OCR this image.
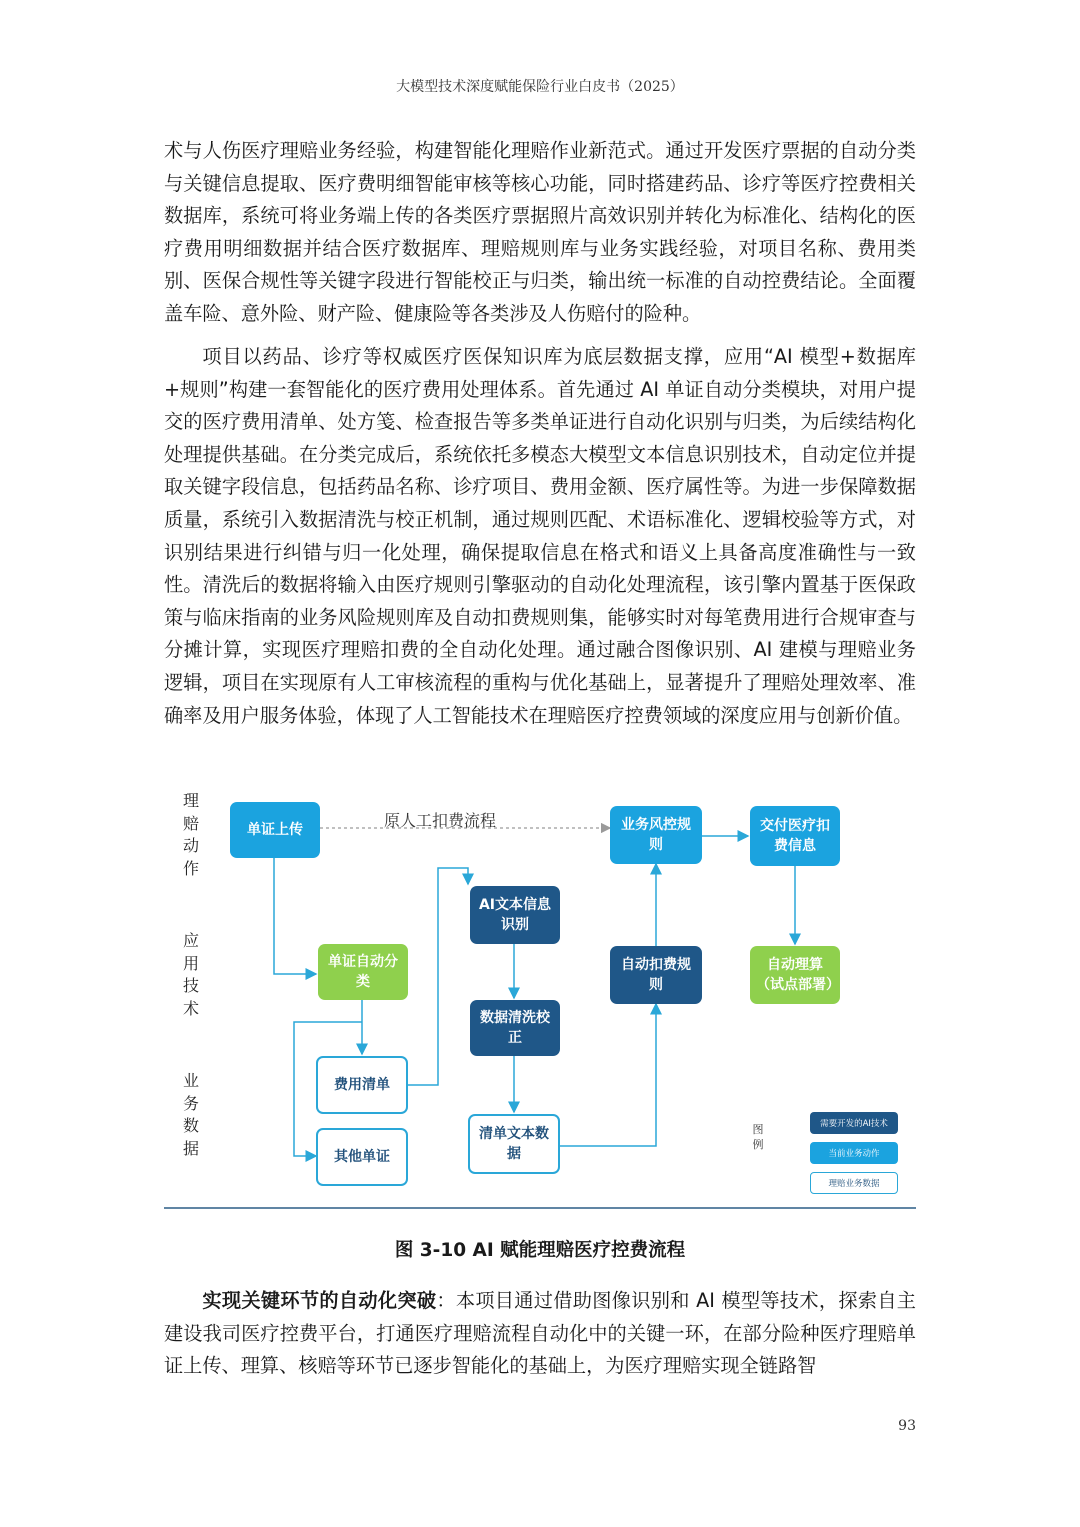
大模型技术深度赋能保险行业白皮书（2025）

术与人伤医疗理赔业务经验，构建智能化理赔作业新范式。通过开发医疗票据的自动分类与关键信息提取、医疗费明细智能审核等核心功能，同时搭建药品、诊疗等医疗控费相关数据库，系统可将业务端上传的各类医疗票据照片高效识别并转化为标准化、结构化的医疗费用明细数据并结合医疗数据库、理赔规则库与业务实践经验，对项目名称、费用类别、医保合规性等关键字段进行智能校正与归类，输出统一标准的自动控费结论。全面覆盖车险、意外险、财产险、健康险等各类涉及人伤赔付的险种。

项目以药品、诊疗等权威医疗医保知识库为底层数据支撑，应用“AI 模型+数据库+规则”构建一套智能化的医疗费用处理体系。首先通过 AI 单证自动分类模块，对用户提交的医疗费用清单、处方笺、检查报告等多类单证进行自动化识别与归类，为后续结构化处理提供基础。在分类完成后，系统依托多模态大模型文本信息识别技术，自动定位并提取关键字段信息，包括药品名称、诊疗项目、费用金额、医疗属性等。为进一步保障数据质量，系统引入数据清洗与校正机制，通过规则匹配、术语标准化、逻辑校验等方式，对识别结果进行纠错与归一化处理，确保提取信息在格式和语义上具备高度准确性与一致性。清洗后的数据将输入由医疗规则引擎驱动的自动化处理流程，该引擎内置基于医保政策与临床指南的业务风险规则库及自动扣费规则集，能够实时对每笔费用进行合规审查与分摊计算，实现医疗理赔扣费的全自动化处理。通过融合图像识别、AI 建模与理赔业务逻辑，项目在实现原有人工审核流程的重构与优化基础上，显著提升了理赔处理效率、准确率及用户服务体验，体现了人工智能技术在理赔医疗控费领域的深度应用与创新价值。

理赔动作
应用技术
业务数据
原人工扣费流程
单证上传
单证自动分类
费用清单
其他单证
AI文本信息识别
数据清洗校正
清单文本数据
业务风控规则
自动扣费规则
交付医疗扣费信息
自动理算（试点部署）
图例
需要开发的AI技术
当前业务动作
理赔业务数据
图 3-10 AI 赋能理赔医疗控费流程

实现关键环节的自动化突破：本项目通过借助图像识别和 AI 模型等技术，探索自主建设我司医疗控费平台，打通医疗理赔流程自动化中的关键一环，在部分险种医疗理赔单证上传、理算、核赔等环节已逐步智能化的基础上，为医疗理赔实现全链路智

93
